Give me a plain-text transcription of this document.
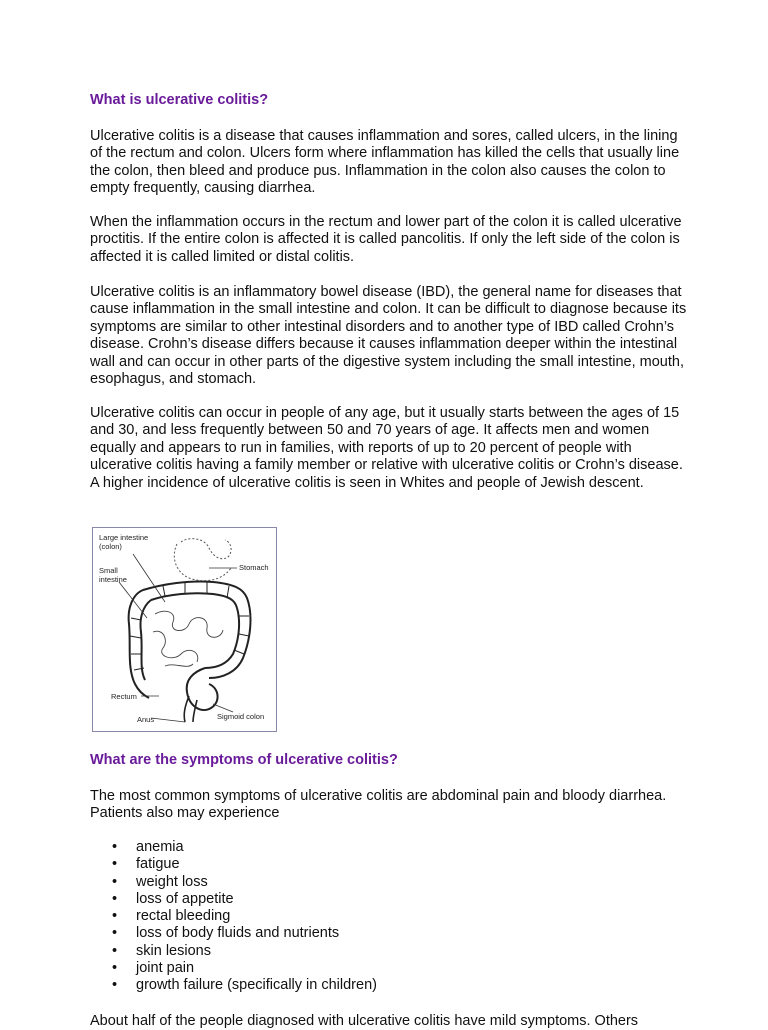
What is ulcerative colitis?

Ulcerative colitis is a disease that causes inflammation and sores, called ulcers, in the lining of the rectum and colon. Ulcers form where inflammation has killed the cells that usually line the colon, then bleed and produce pus. Inflammation in the colon also causes the colon to empty frequently, causing diarrhea.

When the inflammation occurs in the rectum and lower part of the colon it is called ulcerative proctitis. If the entire colon is affected it is called pancolitis. If only the left side of the colon is affected it is called limited or distal colitis.

Ulcerative colitis is an inflammatory bowel disease (IBD), the general name for diseases that cause inflammation in the small intestine and colon. It can be difficult to diagnose because its symptoms are similar to other intestinal disorders and to another type of IBD called Crohn’s disease. Crohn’s disease differs because it causes inflammation deeper within the intestinal wall and can occur in other parts of the digestive system including the small intestine, mouth, esophagus, and stomach.

Ulcerative colitis can occur in people of any age, but it usually starts between the ages of 15 and 30, and less frequently between 50 and 70 years of age. It affects men and women equally and appears to run in families, with reports of up to 20 percent of people with ulcerative colitis having a family member or relative with ulcerative colitis or Crohn’s disease. A higher incidence of ulcerative colitis is seen in Whites and people of Jewish descent.

What are the symptoms of ulcerative colitis?

The most common symptoms of ulcerative colitis are abdominal pain and bloody diarrhea. Patients also may experience

• anemia
• fatigue
• weight loss
• loss of appetite
• rectal bleeding
• loss of body fluids and nutrients
• skin lesions
• joint pain
• growth failure (specifically in children)

About half of the people diagnosed with ulcerative colitis have mild symptoms. Others

Large intestine
(colon)
Small
intestine
Stomach
Rectum
Anus	Sigmoid colon
